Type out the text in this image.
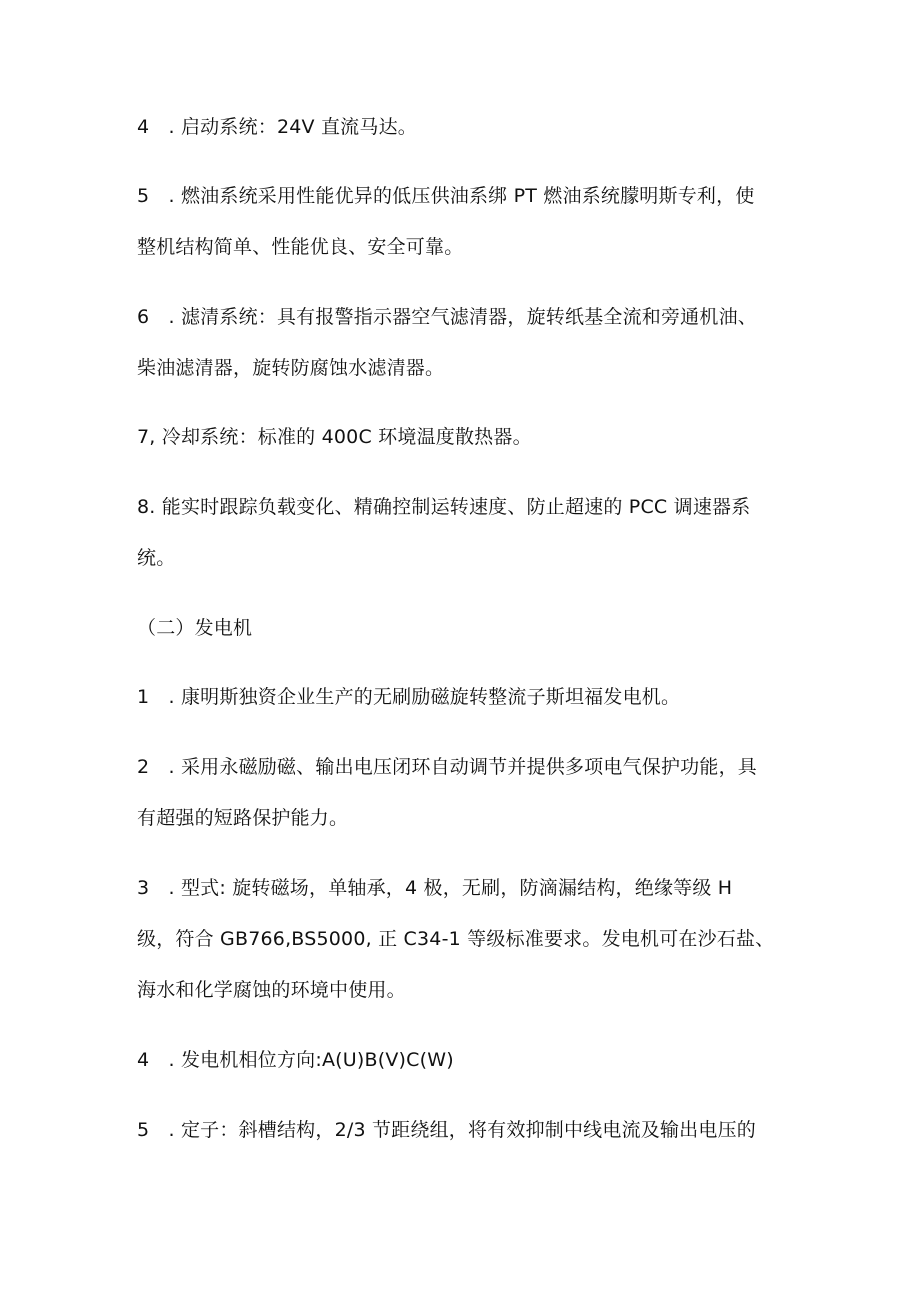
4　. 启动系统：24V 直流马达。
5　. 燃油系统采用性能优异的低压供油系绑 PT 燃油系统朦明斯专利，使
整机结构简单、性能优良、安全可靠。
6　. 滤清系统：具有报警指示器空气滤清器，旋转纸基全流和旁通机油、
柴油滤清器，旋转防腐蚀水滤清器。
7, 冷却系统：标准的 400C 环境温度散热器。
8. 能实时跟踪负载变化、精确控制运转速度、防止超速的 PCC 调速器系
统。
（二）发电机
1　. 康明斯独资企业生产的无刷励磁旋转整流子斯坦福发电机。
2　. 采用永磁励磁、输出电压闭环自动调节并提供多项电气保护功能，具
有超强的短路保护能力。
3　. 型式: 旋转磁场，单轴承，4 极，无刷，防滴漏结构，绝缘等级 H
级，符合 GB766,BS5000, 正 C34-1 等级标准要求。发电机可在沙石盐、
海水和化学腐蚀的环境中使用。
4　. 发电机相位方向:A(U)B(V)C(W)
5　. 定子：斜槽结构，2/3 节距绕组，将有效抑制中线电流及输出电压的
